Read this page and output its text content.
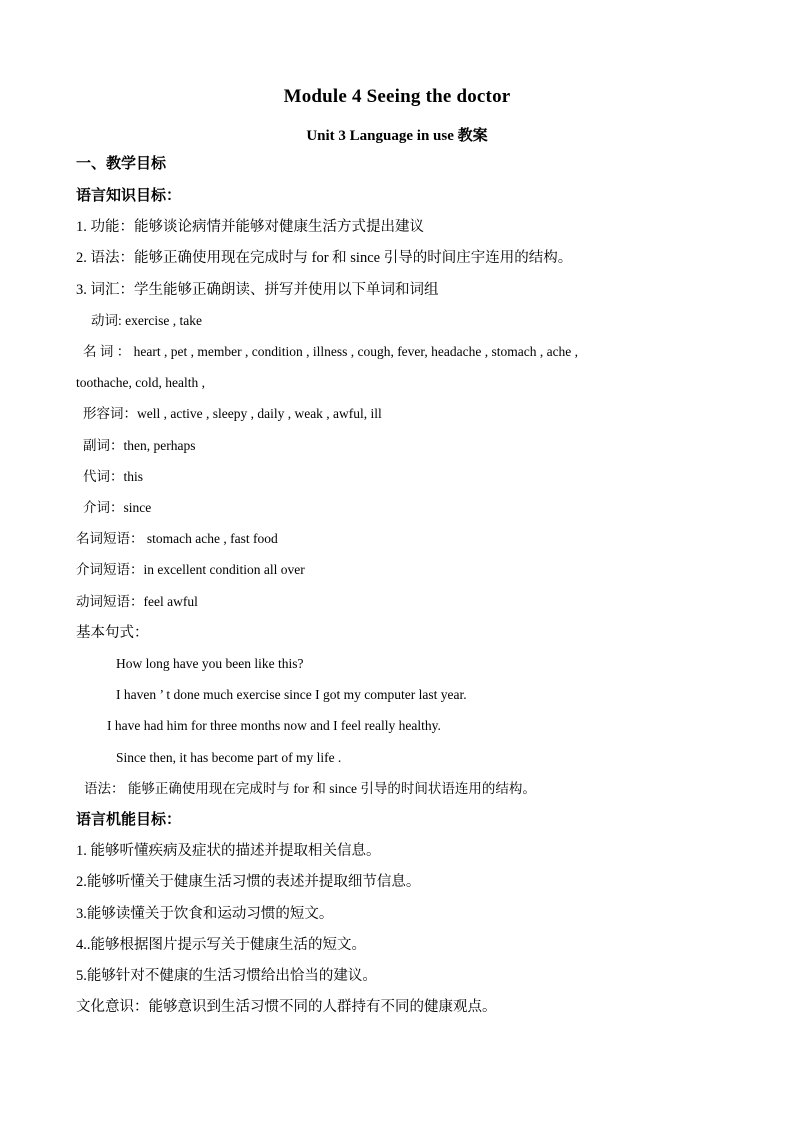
Module 4 Seeing the doctor
Unit 3 Language in use 教案
一、教学目标
语言知识目标：
1. 功能：能够谈论病情并能够对健康生活方式提出建议
2. 语法：能够正确使用现在完成时与 for 和 since 引导的时间庄宇连用的结构。
3. 词汇：学生能够正确朗读、拼写并使用以下单词和词组
动词: exercise , take
名 词 ： heart , pet , member , condition , illness , cough, fever, headache , stomach , ache ,
toothache, cold, health ,
形容词：well , active , sleepy , daily , weak , awful, ill
副词：then, perhaps
代词：this
介词：since
名词短语： stomach ache , fast food
介词短语：in excellent condition all over
动词短语：feel awful
基本句式：
How long have you been like this?
I haven ’ t done much exercise since I got my computer last year.
I have had him for three months now and I feel really healthy.
Since then, it has become part of my life .
语法： 能够正确使用现在完成时与 for 和 since 引导的时间状语连用的结构。
语言机能目标：
1. 能够听懂疾病及症状的描述并提取相关信息。
2.能够听懂关于健康生活习惯的表述并提取细节信息。
3.能够读懂关于饮食和运动习惯的短文。
4..能够根据图片提示写关于健康生活的短文。
5.能够针对不健康的生活习惯给出恰当的建议。
文化意识：能够意识到生活习惯不同的人群持有不同的健康观点。
